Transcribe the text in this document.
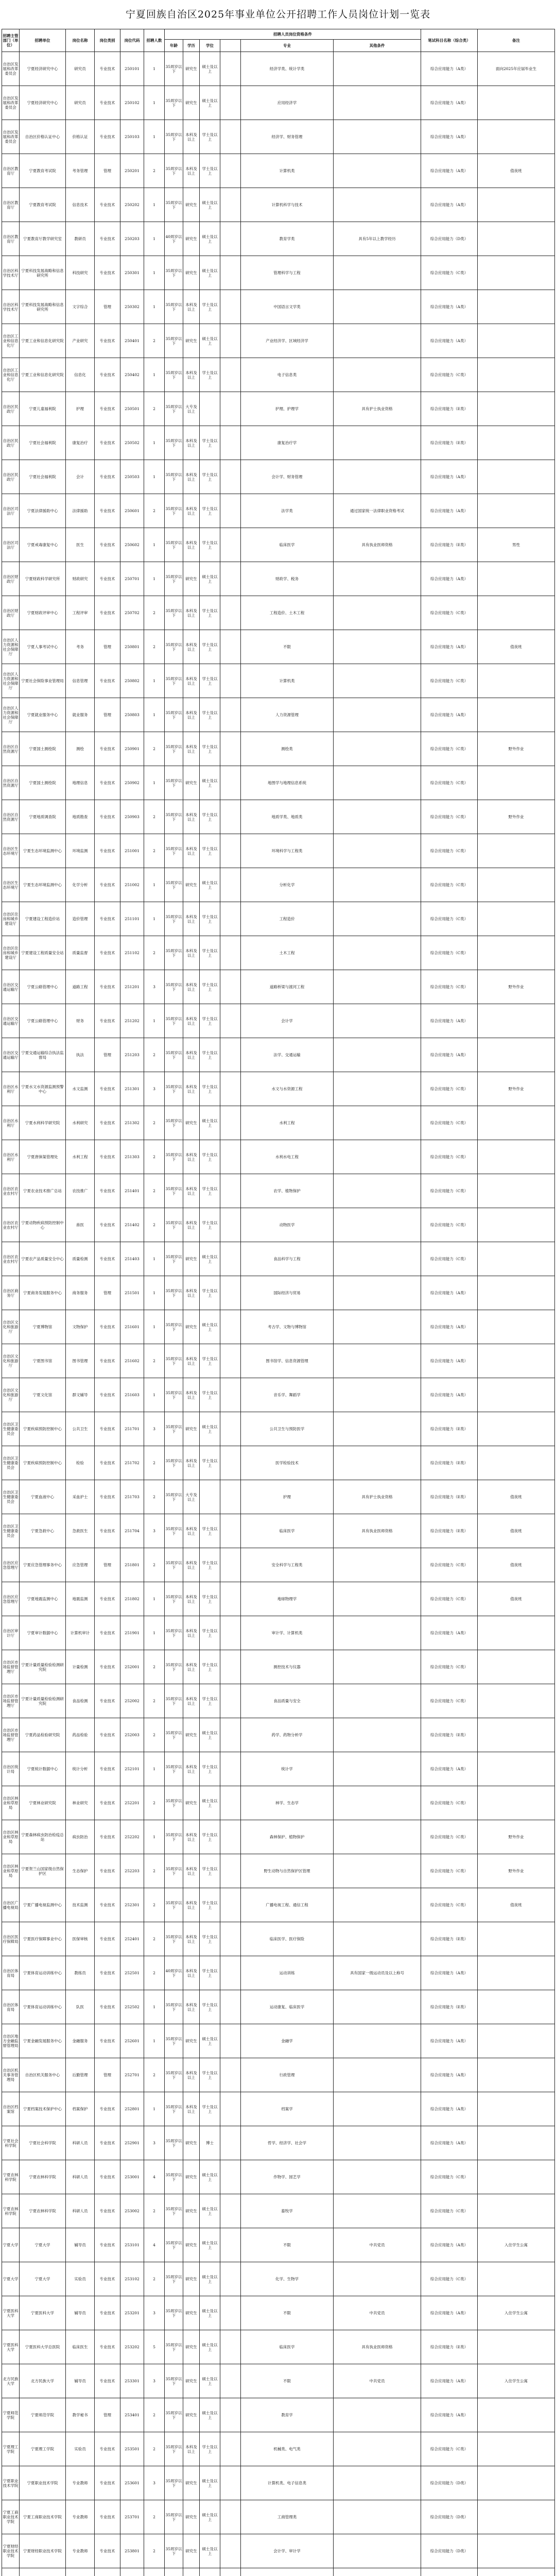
宁夏回族自治区2025年事业单位公开招聘工作人员岗位计划一览表
招聘主管部门（单位）	招聘单位	岗位名称	岗位类别	岗位代码	招聘人数	招聘人员岗位资格条件						笔试科目名称（综合类）	备注
						年龄	学历	学位		专业	其他条件		
自治区发展和改革委员会	宁夏经济研究中心	研究员	专业技术	250101	1	35周岁以下	研究生	硕士及以上		经济学类、统计学类		综合应用能力（A类）	面向2025年应届毕业生
自治区发展和改革委员会	宁夏经济研究中心	研究员	专业技术	250102	1	35周岁以下	研究生	硕士及以上		应用经济学		综合应用能力（A类）	
自治区发展和改革委员会	自治区价格认证中心	价格认证	专业技术	250103	1	35周岁以下	本科及以上	学士及以上		经济学、财务管理		综合应用能力（A类）	
自治区教育厅	宁夏教育考试院	考务管理	管理	250201	2	35周岁以下	本科及以上	学士及以上		计算机类		综合应用能力（A类）	值夜班
自治区教育厅	宁夏教育考试院	信息技术	专业技术	250202	1	35周岁以下	研究生	硕士及以上		计算机科学与技术		综合应用能力（A类）	
自治区教育厅	宁夏教育厅教学研究室	教研员	专业技术	250203	1	40周岁以下	研究生	硕士及以上		教育学类	具有5年以上教学经历	综合应用能力（D类）	
自治区科学技术厅	宁夏科技发展战略和信息研究所	科技研究	专业技术	250301	1	35周岁以下	研究生	硕士及以上		管理科学与工程		综合应用能力（C类）	
自治区科学技术厅	宁夏科技发展战略和信息研究所	文字综合	管理	250302	1	35周岁以下	本科及以上	学士及以上		中国语言文学类		综合应用能力（A类）	
自治区工业和信息化厅	宁夏工业和信息化研究院	产业研究	专业技术	250401	2	35周岁以下	研究生	硕士及以上		产业经济学、区域经济学		综合应用能力（A类）	
自治区工业和信息化厅	宁夏工业和信息化研究院	信息化	专业技术	250402	1	35周岁以下	本科及以上	学士及以上		电子信息类		综合应用能力（C类）	
自治区民政厅	宁夏儿童福利院	护理	专业技术	250501	2	35周岁以下	大专及以上			护理、护理学	具有护士执业资格	综合应用能力（E类）	
自治区民政厅	宁夏社会福利院	康复治疗	专业技术	250502	1	35周岁以下	本科及以上	学士及以上		康复治疗学		综合应用能力（E类）	
自治区民政厅	宁夏社会福利院	会计	专业技术	250503	1	35周岁以下	本科及以上	学士及以上		会计学、财务管理		综合应用能力（A类）	
自治区司法厅	宁夏法律援助中心	法律援助	专业技术	250601	2	35周岁以下	本科及以上	学士及以上		法学类	通过国家统一法律职业资格考试	综合应用能力（A类）	
自治区司法厅	宁夏戒毒康复中心	医生	专业技术	250602	1	35周岁以下	本科及以上	学士及以上		临床医学	具有执业医师资格	综合应用能力（E类）	男性
自治区财政厅	宁夏财政科学研究所	财政研究	专业技术	250701	1	35周岁以下	研究生	硕士及以上		财政学、税务		综合应用能力（A类）	
自治区财政厅	宁夏财政评审中心	工程评审	专业技术	250702	2	35周岁以下	本科及以上	学士及以上		工程造价、土木工程		综合应用能力（C类）	
自治区人力资源和社会保障厅	宁夏人事考试中心	考务	管理	250801	2	35周岁以下	本科及以上	学士及以上		不限		综合应用能力（A类）	值夜班
自治区人力资源和社会保障厅	宁夏社会保险事业管理局	信息管理	专业技术	250802	1	35周岁以下	本科及以上	学士及以上		计算机类		综合应用能力（C类）	
自治区人力资源和社会保障厅	宁夏就业服务中心	就业服务	管理	250803	1	35周岁以下	本科及以上	学士及以上		人力资源管理		综合应用能力（A类）	
自治区自然资源厅	宁夏国土测绘院	测绘	专业技术	250901	2	35周岁以下	本科及以上	学士及以上		测绘类		综合应用能力（C类）	野外作业
自治区自然资源厅	宁夏国土测绘院	地理信息	专业技术	250902	1	35周岁以下	研究生	硕士及以上		地图学与地理信息系统		综合应用能力（C类）	
自治区自然资源厅	宁夏地质调查院	地质勘查	专业技术	250903	2	35周岁以下	本科及以上	学士及以上		地质学类、地质类		综合应用能力（C类）	野外作业
自治区生态环境厅	宁夏生态环境监测中心	环境监测	专业技术	251001	2	35周岁以下	本科及以上	学士及以上		环境科学与工程类		综合应用能力（C类）	
自治区生态环境厅	宁夏生态环境监测中心	化学分析	专业技术	251002	1	35周岁以下	研究生	硕士及以上		分析化学		综合应用能力（C类）	
自治区住房和城乡建设厅	宁夏建设工程造价站	造价管理	专业技术	251101	1	35周岁以下	本科及以上	学士及以上		工程造价		综合应用能力（C类）	
自治区住房和城乡建设厅	宁夏建设工程质量安全站	质量监督	专业技术	251102	2	35周岁以下	本科及以上	学士及以上		土木工程		综合应用能力（C类）	
自治区交通运输厅	宁夏公路管理中心	道路工程	专业技术	251201	3	35周岁以下	本科及以上	学士及以上		道路桥梁与渡河工程		综合应用能力（C类）	野外作业
自治区交通运输厅	宁夏公路管理中心	财务	专业技术	251202	1	35周岁以下	本科及以上	学士及以上		会计学		综合应用能力（A类）	
自治区交通运输厅	宁夏交通运输综合执法监督局	执法	管理	251203	2	35周岁以下	本科及以上	学士及以上		法学、交通运输		综合应用能力（A类）	
自治区水利厅	宁夏水文水资源监测预警中心	水文监测	专业技术	251301	3	35周岁以下	本科及以上	学士及以上		水文与水资源工程		综合应用能力（C类）	野外作业
自治区水利厅	宁夏水利科学研究院	水利研究	专业技术	251302	2	35周岁以下	研究生	硕士及以上		水利工程		综合应用能力（C类）	
自治区水利厅	宁夏唐徕渠管理处	水利工程	专业技术	251303	2	35周岁以下	本科及以上	学士及以上		水利水电工程		综合应用能力（C类）	
自治区农业农村厅	宁夏农业技术推广总站	农技推广	专业技术	251401	2	35周岁以下	本科及以上	学士及以上		农学、植物保护		综合应用能力（C类）	
自治区农业农村厅	宁夏动物疾病预防控制中心	兽医	专业技术	251402	2	35周岁以下	本科及以上	学士及以上		动物医学		综合应用能力（C类）	
自治区农业农村厅	宁夏农产品质量安全中心	质量检测	专业技术	251403	1	35周岁以下	研究生	硕士及以上		食品科学与工程		综合应用能力（C类）	
自治区商务厅	宁夏商务发展服务中心	商务服务	管理	251501	1	35周岁以下	本科及以上	学士及以上		国际经济与贸易		综合应用能力（A类）	
自治区文化和旅游厅	宁夏博物馆	文物保护	专业技术	251601	1	35周岁以下	研究生	硕士及以上		考古学、文物与博物馆		综合应用能力（A类）	
自治区文化和旅游厅	宁夏图书馆	图书管理	专业技术	251602	2	35周岁以下	本科及以上	学士及以上		图书馆学、信息资源管理		综合应用能力（A类）	
自治区文化和旅游厅	宁夏文化馆	群文辅导	专业技术	251603	1	35周岁以下	本科及以上	学士及以上		音乐学、舞蹈学		综合应用能力（A类）	
自治区卫生健康委员会	宁夏疾病预防控制中心	公共卫生	专业技术	251701	3	35周岁以下	研究生	硕士及以上		公共卫生与预防医学		综合应用能力（E类）	
自治区卫生健康委员会	宁夏疾病预防控制中心	检验	专业技术	251702	2	35周岁以下	本科及以上	学士及以上		医学检验技术		综合应用能力（E类）	
自治区卫生健康委员会	宁夏血液中心	采血护士	专业技术	251703	2	35周岁以下	大专及以上			护理	具有护士执业资格	综合应用能力（E类）	值夜班
自治区卫生健康委员会	宁夏急救中心	急救医生	专业技术	251704	3	35周岁以下	本科及以上	学士及以上		临床医学	具有执业医师资格	综合应用能力（E类）	值夜班
自治区应急管理厅	宁夏应急管理事务中心	应急管理	管理	251801	2	35周岁以下	本科及以上	学士及以上		安全科学与工程类		综合应用能力（C类）	值夜班
自治区应急管理厅	宁夏地震监测中心	地震监测	专业技术	251802	1	35周岁以下	本科及以上	学士及以上		地球物理学		综合应用能力（C类）	值夜班
自治区审计厅	宁夏审计数据中心	计算机审计	专业技术	251901	1	35周岁以下	本科及以上	学士及以上		审计学、计算机类		综合应用能力（A类）	
自治区市场监督管理厅	宁夏计量质量检验检测研究院	计量检测	专业技术	252001	2	35周岁以下	本科及以上	学士及以上		测控技术与仪器		综合应用能力（C类）	
自治区市场监督管理厅	宁夏计量质量检验检测研究院	食品检测	专业技术	252002	2	35周岁以下	本科及以上	学士及以上		食品质量与安全		综合应用能力（C类）	
自治区市场监督管理厅	宁夏药品检验研究院	药品检验	专业技术	252003	2	35周岁以下	研究生	硕士及以上		药学、药物分析学		综合应用能力（E类）	
自治区统计局	宁夏统计数据中心	统计分析	专业技术	252101	1	35周岁以下	本科及以上	学士及以上		统计学		综合应用能力（A类）	
自治区林业和草原局	宁夏林业研究院	林业研究	专业技术	252201	2	35周岁以下	研究生	硕士及以上		林学、生态学		综合应用能力（C类）	
自治区林业和草原局	宁夏森林病虫防治检疫总站	病虫防治	专业技术	252202	1	35周岁以下	本科及以上	学士及以上		森林保护、植物保护		综合应用能力（C类）	野外作业
自治区林业和草原局	宁夏贺兰山国家级自然保护区	生态保护	专业技术	252203	2	35周岁以下	本科及以上	学士及以上		野生动物与自然保护区管理		综合应用能力（C类）	野外作业
自治区广播电视局	宁夏广播电视监测中心	技术监测	专业技术	252301	2	35周岁以下	本科及以上	学士及以上		广播电视工程、通信工程		综合应用能力（C类）	值夜班
自治区医疗保障局	宁夏医疗保障事业中心	医保审核	专业技术	252401	2	35周岁以下	本科及以上	学士及以上		临床医学、医疗保险		综合应用能力（E类）	
自治区体育局	宁夏体育运动训练中心	教练员	专业技术	252501	2	40周岁以下	本科及以上	学士及以上		运动训练	具有国家一级运动员及以上称号	综合应用能力（A类）	
自治区体育局	宁夏体育运动训练中心	队医	专业技术	252502	1	35周岁以下	本科及以上	学士及以上		运动康复、临床医学		综合应用能力（E类）	
自治区地方金融监督管理局	宁夏金融发展服务中心	金融服务	专业技术	252601	1	35周岁以下	研究生	硕士及以上		金融学		综合应用能力（A类）	
自治区机关事务管理局	自治区机关服务中心	后勤管理	管理	252701	2	35周岁以下	本科及以上	学士及以上		行政管理		综合应用能力（A类）	
自治区档案馆	宁夏档案技术保护中心	档案保护	专业技术	252801	1	35周岁以下	本科及以上	学士及以上		档案学		综合应用能力（A类）	
宁夏社会科学院	宁夏社会科学院	科研人员	专业技术	252901	3	35周岁以下	研究生	博士		哲学、经济学、社会学		综合应用能力（A类）	
宁夏农林科学院	宁夏农林科学院	科研人员	专业技术	253001	4	35周岁以下	研究生	硕士及以上		作物学、园艺学		综合应用能力（C类）	
宁夏农林科学院	宁夏农林科学院	科研人员	专业技术	253002	2	35周岁以下	研究生	硕士及以上		畜牧学		综合应用能力（C类）	
宁夏大学	宁夏大学	辅导员	专业技术	253101	4	35周岁以下	研究生	硕士及以上		不限	中共党员	综合应用能力（A类）	入住学生公寓
宁夏大学	宁夏大学	实验员	专业技术	253102	2	35周岁以下	研究生	硕士及以上		化学、生物学		综合应用能力（C类）	
宁夏医科大学	宁夏医科大学	辅导员	专业技术	253201	3	35周岁以下	研究生	硕士及以上		不限	中共党员	综合应用能力（A类）	入住学生公寓
宁夏医科大学	宁夏医科大学总医院	临床医生	专业技术	253202	5	35周岁以下	研究生	硕士及以上		临床医学	具有执业医师资格	综合应用能力（E类）	
北方民族大学	北方民族大学	辅导员	专业技术	253301	3	35周岁以下	研究生	硕士及以上		不限	中共党员	综合应用能力（A类）	入住学生公寓
宁夏师范学院	宁夏师范学院	教学秘书	管理	253401	2	35周岁以下	研究生	硕士及以上		教育学		综合应用能力（A类）	
宁夏理工学院	宁夏理工学院	实验员	专业技术	253501	2	35周岁以下	本科及以上	学士及以上		机械类、电气类		综合应用能力（C类）	
宁夏职业技术学院	宁夏职业技术学院	专业教师	专业技术	253601	3	35周岁以下	研究生	硕士及以上		计算机类、电子信息类		综合应用能力（D类）	
宁夏工商职业技术学院	宁夏工商职业技术学院	专业教师	专业技术	253701	2	35周岁以下	研究生	硕士及以上		工商管理类		综合应用能力（D类）	
宁夏财经职业技术学院	宁夏财经职业技术学院	专业教师	专业技术	253801	2	35周岁以下	研究生	硕士及以上		会计学、审计学		综合应用能力（D类）	
